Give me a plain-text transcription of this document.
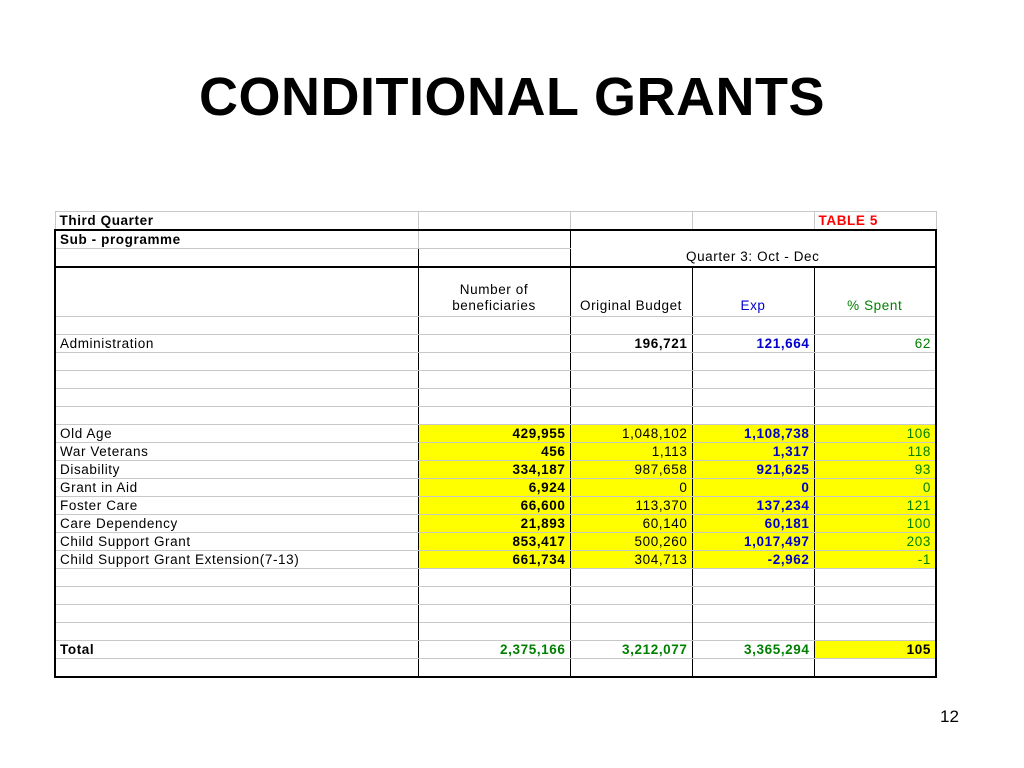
CONDITIONAL GRANTS
Third Quarter				TABLE 5
Sub - programme				
		Quarter 3: Oct - Dec		
	Number of beneficiaries	Original Budget	Exp	% Spent

Administration		196,721	121,664	62

Old Age	429,955	1,048,102	1,108,738	106
War Veterans	456	1,113	1,317	118
Disability	334,187	987,658	921,625	93
Grant in Aid	6,924	0	0	0
Foster Care	66,600	113,370	137,234	121
Care Dependency	21,893	60,140	60,181	100
Child Support Grant	853,417	500,260	1,017,497	203
Child Support Grant Extension(7-13)	661,734	304,713	-2,962	-1

Total	2,375,166	3,212,077	3,365,294	105

12
